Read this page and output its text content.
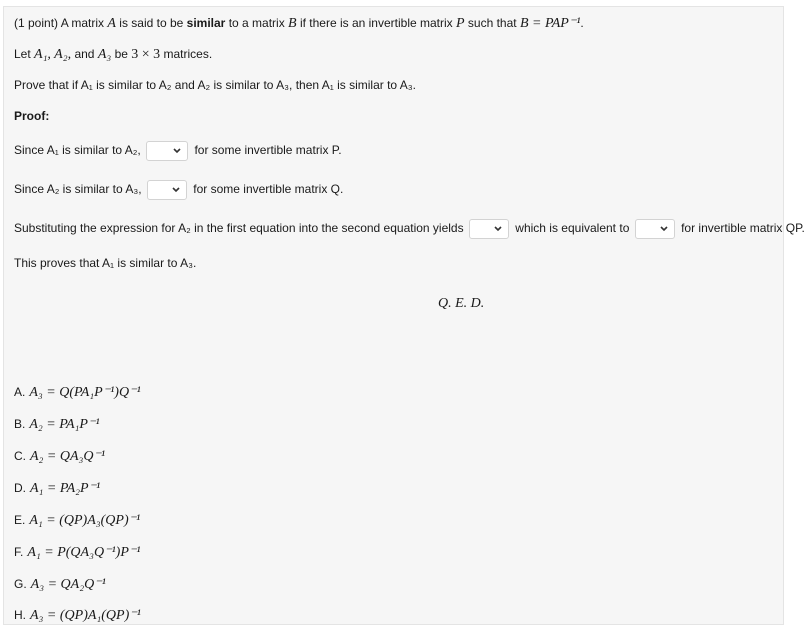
(1 point) A matrix A is said to be similar to a matrix B if there is an invertible matrix P such that B = PAP⁻¹.
Let A₁, A₂, and A₃ be 3 × 3 matrices.
Prove that if A₁ is similar to A₂ and A₂ is similar to A₃, then A₁ is similar to A₃.
Proof:
Since A₁ is similar to A₂,	for some invertible matrix P.
Since A₂ is similar to A₃,	for some invertible matrix Q.
Substituting the expression for A₂ in the first equation into the second equation yields	which is equivalent to	for invertible matrix QP.
This proves that A₁ is similar to A₃.
Q. E. D.
A. A₃ = Q(PA₁P⁻¹)Q⁻¹
B. A₂ = PA₁P⁻¹
C. A₂ = QA₃Q⁻¹
D. A₁ = PA₂P⁻¹
E. A₁ = (QP)A₃(QP)⁻¹
F. A₁ = P(QA₃Q⁻¹)P⁻¹
G. A₃ = QA₂Q⁻¹
H. A₃ = (QP)A₁(QP)⁻¹
